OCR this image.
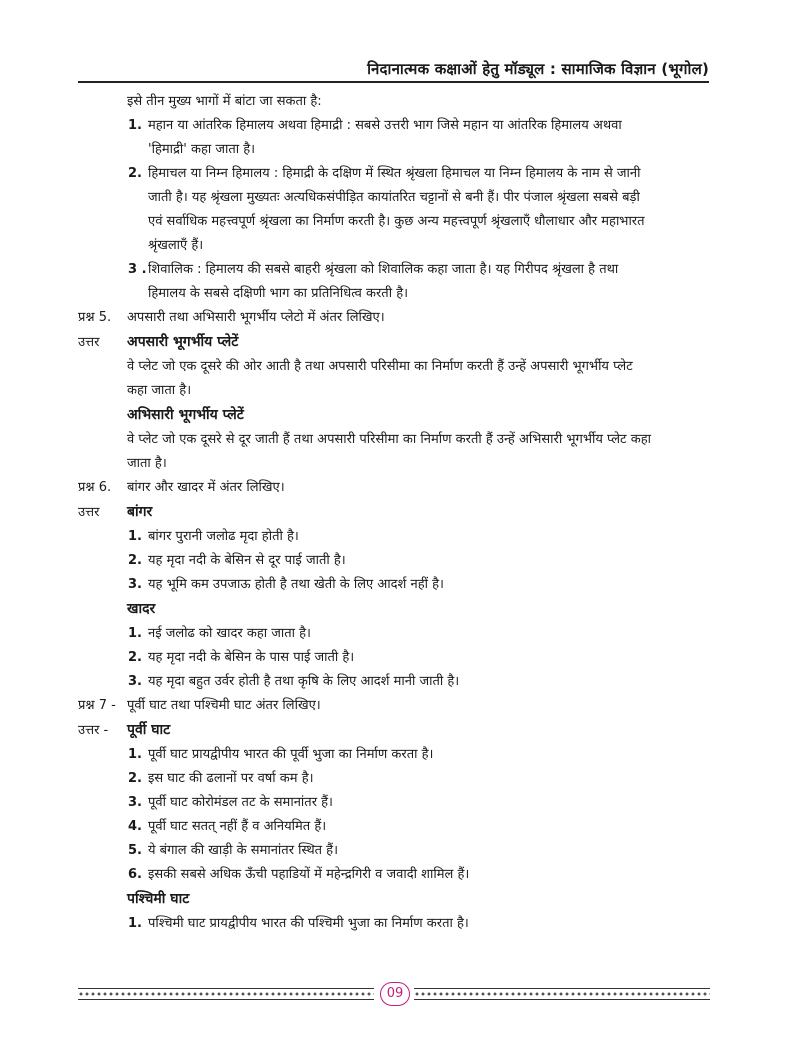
निदानात्मक कक्षाओं हेतु मॉड्यूल : सामाजिक विज्ञान (भूगोल)
इसे तीन मुख्य भागों में बांटा जा सकता है:
1. महान या आंतरिक हिमालय अथवा हिमाद्री : सबसे उत्तरी भाग जिसे महान या आंतरिक हिमालय अथवा
'हिमाद्री' कहा जाता है।
2. हिमाचल या निम्न हिमालय : हिमाद्री के दक्षिण में स्थित श्रृंखला हिमाचल या निम्न हिमालय के नाम से जानी
जाती है। यह श्रृंखला मुख्यतः अत्यधिकसंपीड़ित कायांतरित चट्टानों से बनी हैं। पीर पंजाल श्रृंखला सबसे बड़ी
एवं सर्वाधिक महत्त्वपूर्ण श्रृंखला का निर्माण करती है। कुछ अन्य महत्त्वपूर्ण श्रृंखलाएँ धौलाधार और महाभारत
श्रृंखलाएँ हैं।
3 . शिवालिक : हिमालय की सबसे बाहरी श्रृंखला को शिवालिक कहा जाता है। यह गिरीपद श्रृंखला है तथा
हिमालय के सबसे दक्षिणी भाग का प्रतिनिधित्व करती है।
प्रश्न 5. अपसारी तथा अभिसारी भूगर्भीय प्लेटो में अंतर लिखिए।
उत्तर अपसारी भूगर्भीय प्लेटें
वे प्लेट जो एक दूसरे की ओर आती है तथा अपसारी परिसीमा का निर्माण करती हैं उन्हें अपसारी भूगर्भीय प्लेट
कहा जाता है।
अभिसारी भूगर्भीय प्लेटें
वे प्लेट जो एक दूसरे से दूर जाती हैं तथा अपसारी परिसीमा का निर्माण करती हैं उन्हें अभिसारी भूगर्भीय प्लेट कहा
जाता है।
प्रश्न 6. बांगर और खादर में अंतर लिखिए।
उत्तर बांगर
1. बांगर पुरानी जलोढ मृदा होती है।
2. यह मृदा नदी के बेसिन से दूर पाई जाती है।
3. यह भूमि कम उपजाऊ होती है तथा खेती के लिए आदर्श नहीं है।
खादर
1. नई जलोढ को खादर कहा जाता है।
2. यह मृदा नदी के बेसिन के पास पाई जाती है।
3. यह मृदा बहुत उर्वर होती है तथा कृषि के लिए आदर्श मानी जाती है।
प्रश्न 7 - पूर्वी घाट तथा पश्चिमी घाट अंतर लिखिए।
उत्तर - पूर्वी घाट
1. पूर्वी घाट प्रायद्वीपीय भारत की पूर्वी भुजा का निर्माण करता है।
2. इस घाट की ढलानों पर वर्षा कम है।
3. पूर्वी घाट कोरोमंडल तट के समानांतर हैं।
4. पूर्वी घाट सतत् नहीं हैं व अनियमित हैं।
5. ये बंगाल की खाड़ी के समानांतर स्थित हैं।
6. इसकी सबसे अधिक ऊँची पहाडियों में महेन्द्रगिरी व जवादी शामिल हैं।
पश्चिमी घाट
1. पश्चिमी घाट प्रायद्वीपीय भारत की पश्चिमी भुजा का निर्माण करता है।
09
